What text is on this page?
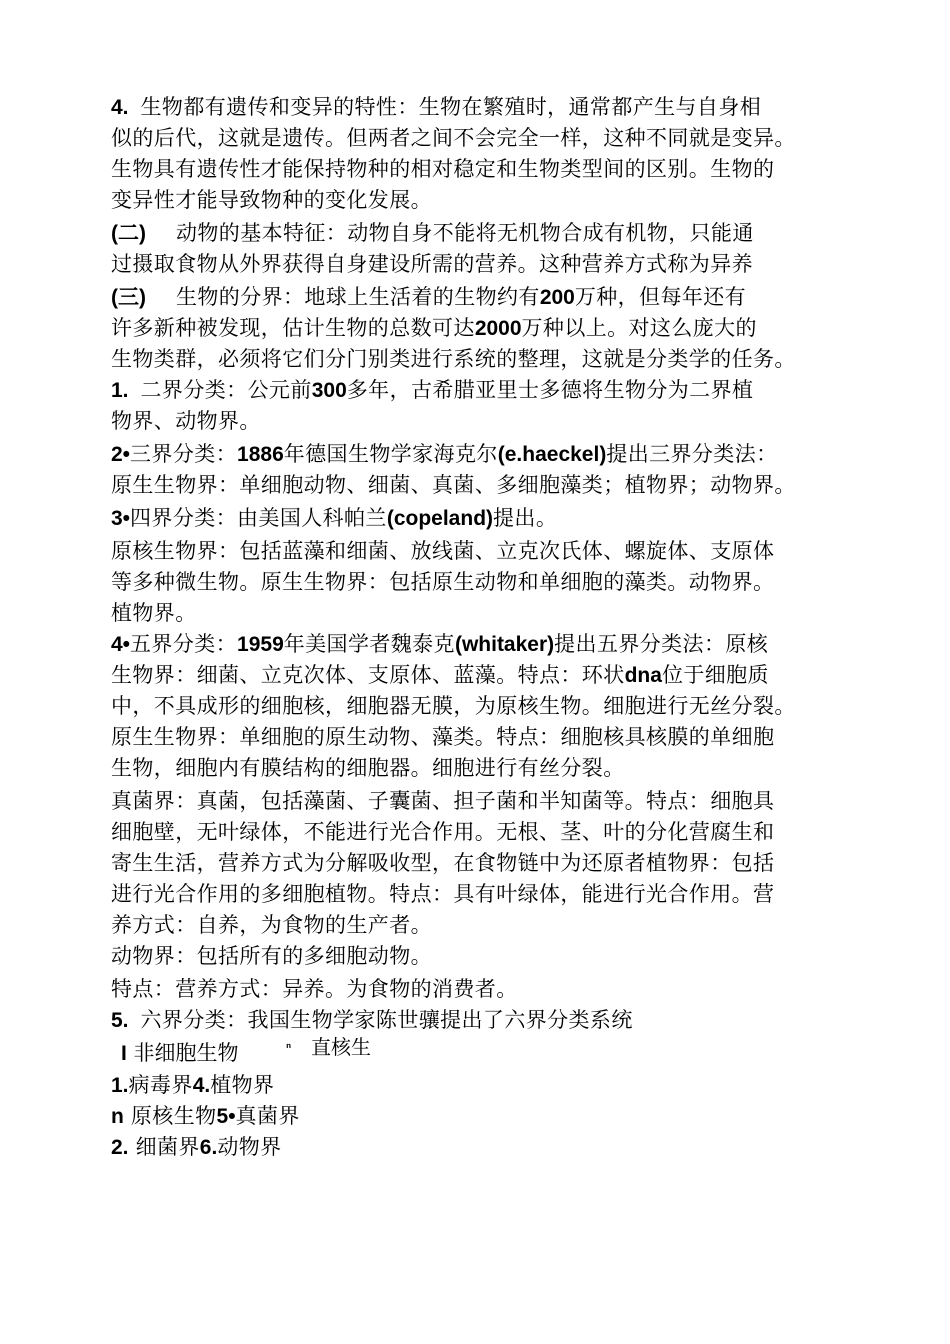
4. 生物都有遗传和变异的特性：生物在繁殖时，通常都产生与自身相
似的后代，这就是遗传。但两者之间不会完全一样，这种不同就是变异。
生物具有遗传性才能保持物种的相对稳定和生物类型间的区别。生物的
变异性才能导致物种的变化发展。
(二) 动物的基本特征：动物自身不能将无机物合成有机物，只能通
过摄取食物从外界获得自身建设所需的营养。这种营养方式称为异养
(三) 生物的分界：地球上生活着的生物约有200万种，但每年还有
许多新种被发现，估计生物的总数可达2000万种以上。对这么庞大的
生物类群，必须将它们分门别类进行系统的整理，这就是分类学的任务。
1. 二界分类：公元前300多年，古希腊亚里士多德将生物分为二界植
物界、动物界。
2•三界分类：1886年德国生物学家海克尔(e.haeckel)提出三界分类法：
原生生物界：单细胞动物、细菌、真菌、多细胞藻类；植物界；动物界。
3•四界分类：由美国人科帕兰(copeland)提出。
原核生物界：包括蓝藻和细菌、放线菌、立克次氏体、螺旋体、支原体
等多种微生物。原生生物界：包括原生动物和单细胞的藻类。动物界。
植物界。
4•五界分类：1959年美国学者魏泰克(whitaker)提出五界分类法：原核
生物界：细菌、立克次体、支原体、蓝藻。特点：环状dna位于细胞质
中，不具成形的细胞核，细胞器无膜，为原核生物。细胞进行无丝分裂。
原生生物界：单细胞的原生动物、藻类。特点：细胞核具核膜的单细胞
生物，细胞内有膜结构的细胞器。细胞进行有丝分裂。
真菌界：真菌，包括藻菌、子囊菌、担子菌和半知菌等。特点：细胞具
细胞壁，无叶绿体，不能进行光合作用。无根、茎、叶的分化营腐生和
寄生生活，营养方式为分解吸收型，在食物链中为还原者植物界：包括
进行光合作用的多细胞植物。特点：具有叶绿体，能进行光合作用。营
养方式：自养，为食物的生产者。
动物界：包括所有的多细胞动物。
特点：营养方式：异养。为食物的消费者。
5. 六界分类：我国生物学家陈世骧提出了六界分类系统
I 非细胞生物	ⁿ 直核生
1.病毒界4.植物界
n 原核生物5•真菌界
2. 细菌界6.动物界
